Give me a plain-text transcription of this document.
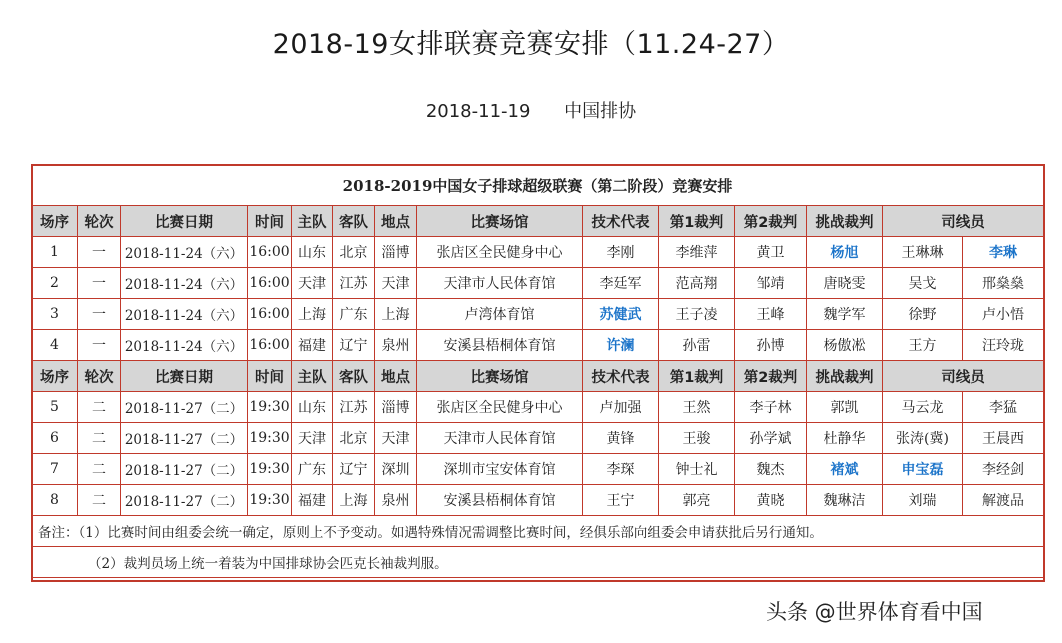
2018-19女排联赛竞赛安排（11.24-27）
2018-11-19 中国排协
2018-2019中国女子排球超级联赛（第二阶段）竞赛安排													
场序	轮次	比赛日期	时间	主队	客队	地点	比赛场馆	技术代表	第1裁判	第2裁判	挑战裁判	司线员	
1	一	2018-11-24（六）	16:00	山东	北京	淄博	张店区全民健身中心	李刚	李维萍	黄卫	杨旭	王琳琳	李琳
2	一	2018-11-24（六）	16:00	天津	江苏	天津	天津市人民体育馆	李廷军	范高翔	邹靖	唐晓雯	吴戈	邢燊燊
3	一	2018-11-24（六）	16:00	上海	广东	上海	卢湾体育馆	苏健武	王子凌	王峰	魏学军	徐野	卢小悟
4	一	2018-11-24（六）	16:00	福建	辽宁	泉州	安溪县梧桐体育馆	许澜	孙雷	孙博	杨傲凇	王方	汪玲珑
场序	轮次	比赛日期	时间	主队	客队	地点	比赛场馆	技术代表	第1裁判	第2裁判	挑战裁判	司线员	
5	二	2018-11-27（二）	19:30	山东	江苏	淄博	张店区全民健身中心	卢加强	王然	李子林	郭凯	马云龙	李猛
6	二	2018-11-27（二）	19:30	天津	北京	天津	天津市人民体育馆	黄锋	王骏	孙学斌	杜静华	张涛(冀)	王晨西
7	二	2018-11-27（二）	19:30	广东	辽宁	深圳	深圳市宝安体育馆	李琛	钟士礼	魏杰	褚斌	申宝磊	李经剑
8	二	2018-11-27（二）	19:30	福建	上海	泉州	安溪县梧桐体育馆	王宁	郭亮	黄晓	魏琳洁	刘瑞	解渡品
备注：（1）比赛时间由组委会统一确定，原则上不予变动。如遇特殊情况需调整比赛时间，经俱乐部向组委会申请获批后另行通知。													
（2）裁判员场上统一着装为中国排球协会匹克长袖裁判服。													
头条 @世界体育看中国
